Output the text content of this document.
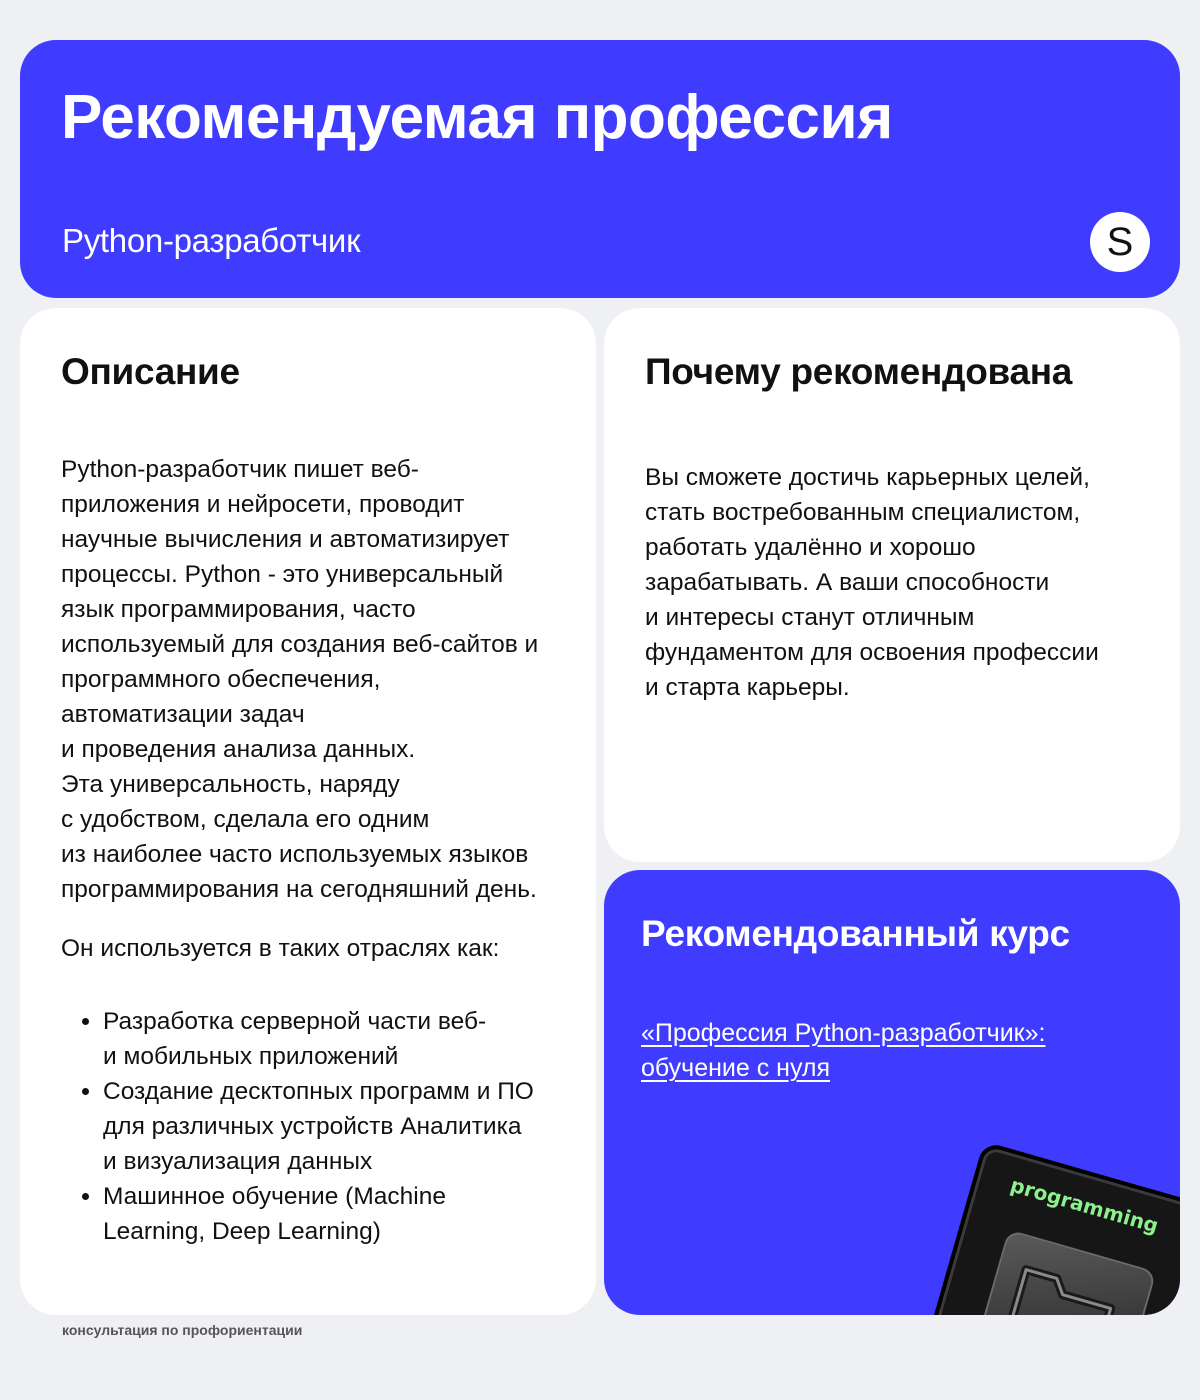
Рекомендуемая профессия
Python-разработчик	S
Описание

Python-разработчик пишет веб-
приложения и нейросети, проводит
научные вычисления и автоматизирует
процессы. Python - это универсальный
язык программирования, часто
используемый для создания веб-сайтов и
программного обеспечения,
автоматизации задач
и проведения анализа данных.
Эта универсальность, наряду
с удобством, сделала его одним
из наиболее часто используемых языков
программирования на сегодняшний день.

Он используется в таких отраслях как:

• Разработка серверной части веб-
и мобильных приложений
• Создание десктопных программ и ПО
для различных устройств Аналитика
и визуализация данных
• Машинное обучение (Machine
Learning, Deep Learning)
Почему рекомендована

Вы сможете достичь карьерных целей,
стать востребованным специалистом,
работать удалённо и хорошо
зарабатывать. А ваши способности
и интересы станут отличным
фундаментом для освоения профессии
и старта карьеры.

Рекомендованный курс
«Профессия Python-разработчик»:
обучение с нуля
programming
консультация по профориентации
